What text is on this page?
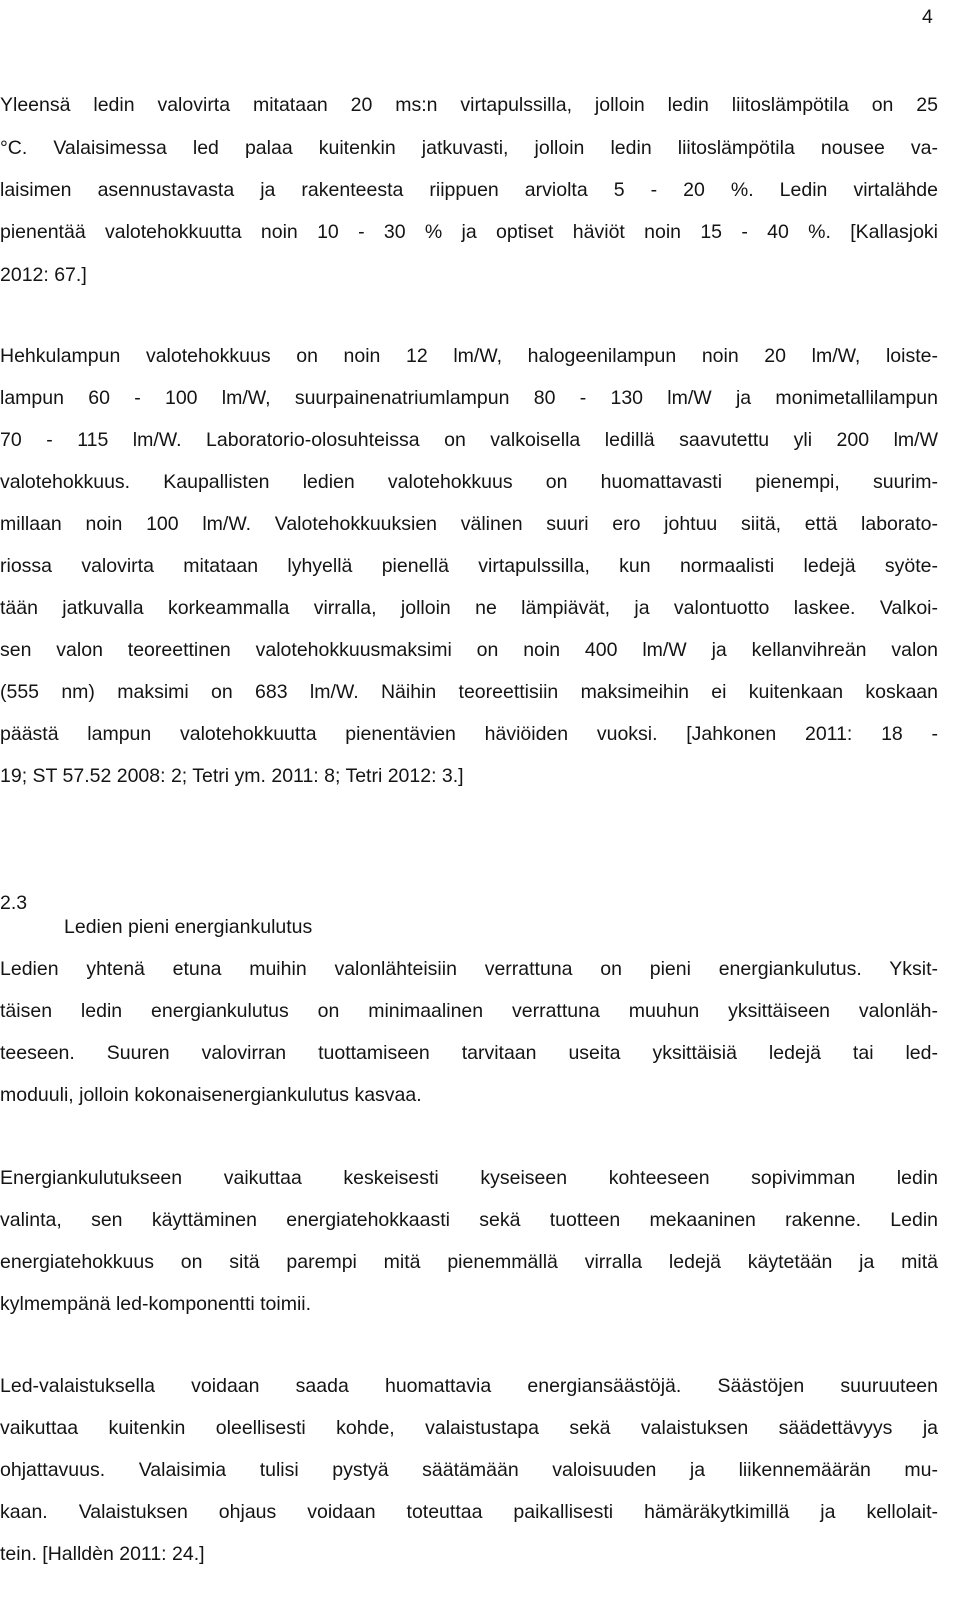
4
Yleensä ledin valovirta mitataan 20 ms:n virtapulssilla, jolloin ledin liitoslämpötila on 25
°C. Valaisimessa led palaa kuitenkin jatkuvasti, jolloin ledin liitoslämpötila nousee va-
laisimen asennustavasta ja rakenteesta riippuen arviolta 5 - 20 %. Ledin virtalähde
pienentää valotehokkuutta noin 10 - 30 % ja optiset häviöt noin 15 - 40 %. [Kallasjoki
2012: 67.]
Hehkulampun valotehokkuus on noin 12 lm/W, halogeenilampun noin 20 lm/W, loiste-
lampun 60 - 100 lm/W, suurpainenatriumlampun 80 - 130 lm/W ja monimetallilampun
70 - 115 lm/W. Laboratorio-olosuhteissa on valkoisella ledillä saavutettu yli 200 lm/W
valotehokkuus. Kaupallisten ledien valotehokkuus on huomattavasti pienempi, suurim-
millaan noin 100 lm/W. Valotehokkuuksien välinen suuri ero johtuu siitä, että laborato-
riossa valovirta mitataan lyhyellä pienellä virtapulssilla, kun normaalisti ledejä syöte-
tään jatkuvalla korkeammalla virralla, jolloin ne lämpiävät, ja valontuotto laskee. Valkoi-
sen valon teoreettinen valotehokkuusmaksimi on noin 400 lm/W ja kellanvihreän valon
(555 nm) maksimi on 683 lm/W. Näihin teoreettisiin maksimeihin ei kuitenkaan koskaan
päästä lampun valotehokkuutta pienentävien häviöiden vuoksi. [Jahkonen 2011: 18 -
19; ST 57.52 2008: 2; Tetri ym. 2011: 8; Tetri 2012: 3.]

2.3

Ledien pieni energiankulutus

Ledien yhtenä etuna muihin valonlähteisiin verrattuna on pieni energiankulutus. Yksit-
täisen ledin energiankulutus on minimaalinen verrattuna muuhun yksittäiseen valonläh-
teeseen. Suuren valovirran tuottamiseen tarvitaan useita yksittäisiä ledejä tai led-
moduuli, jolloin kokonaisenergiankulutus kasvaa.
Energiankulutukseen vaikuttaa keskeisesti kyseiseen kohteeseen sopivimman ledin
valinta, sen käyttäminen energiatehokkaasti sekä tuotteen mekaaninen rakenne. Ledin
energiatehokkuus on sitä parempi mitä pienemmällä virralla ledejä käytetään ja mitä
kylmempänä led-komponentti toimii.
Led-valaistuksella voidaan saada huomattavia energiansäästöjä. Säästöjen suuruuteen
vaikuttaa kuitenkin oleellisesti kohde, valaistustapa sekä valaistuksen säädettävyys ja
ohjattavuus. Valaisimia tulisi pystyä säätämään valoisuuden ja liikennemäärän mu-
kaan. Valaistuksen ohjaus voidaan toteuttaa paikallisesti hämäräkytkimillä ja kellolait-
tein. [Halldèn 2011: 24.]
